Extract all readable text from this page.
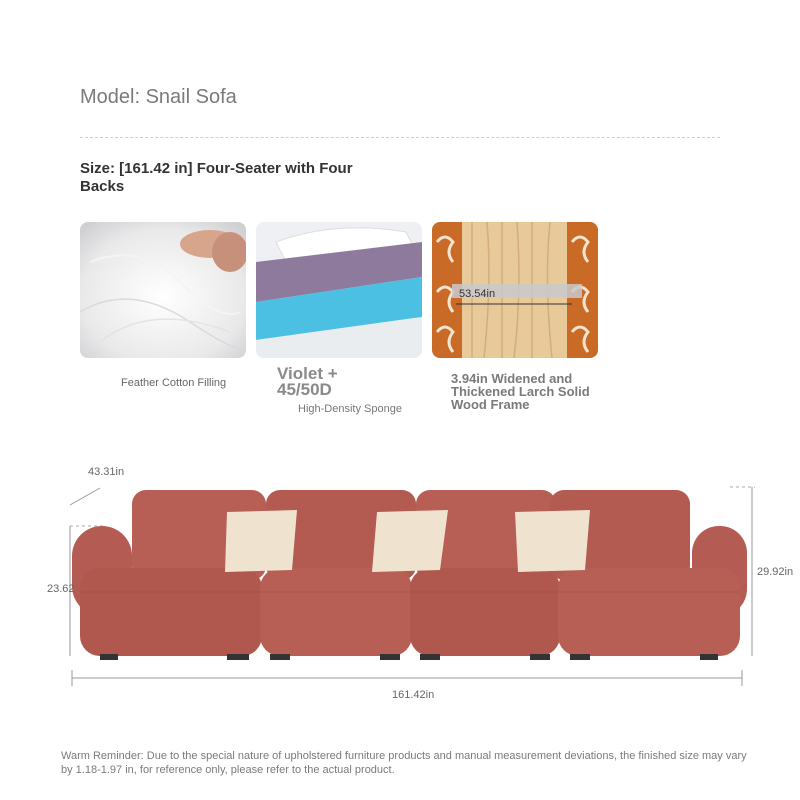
Model: Snail Sofa
Size: [161.42 in] Four-Seater with Four Backs
53.54in
Feather Cotton Filling	Violet + 45/50D
High-Density Sponge
3.94in Widened and Thickened Larch Solid Wood Frame
43.31in
23.62
29.92in
161.42in
Warm Reminder: Due to the special nature of upholstered furniture products and manual measurement deviations, the finished size may vary by 1.18-1.97 in, for reference only, please refer to the actual product.
